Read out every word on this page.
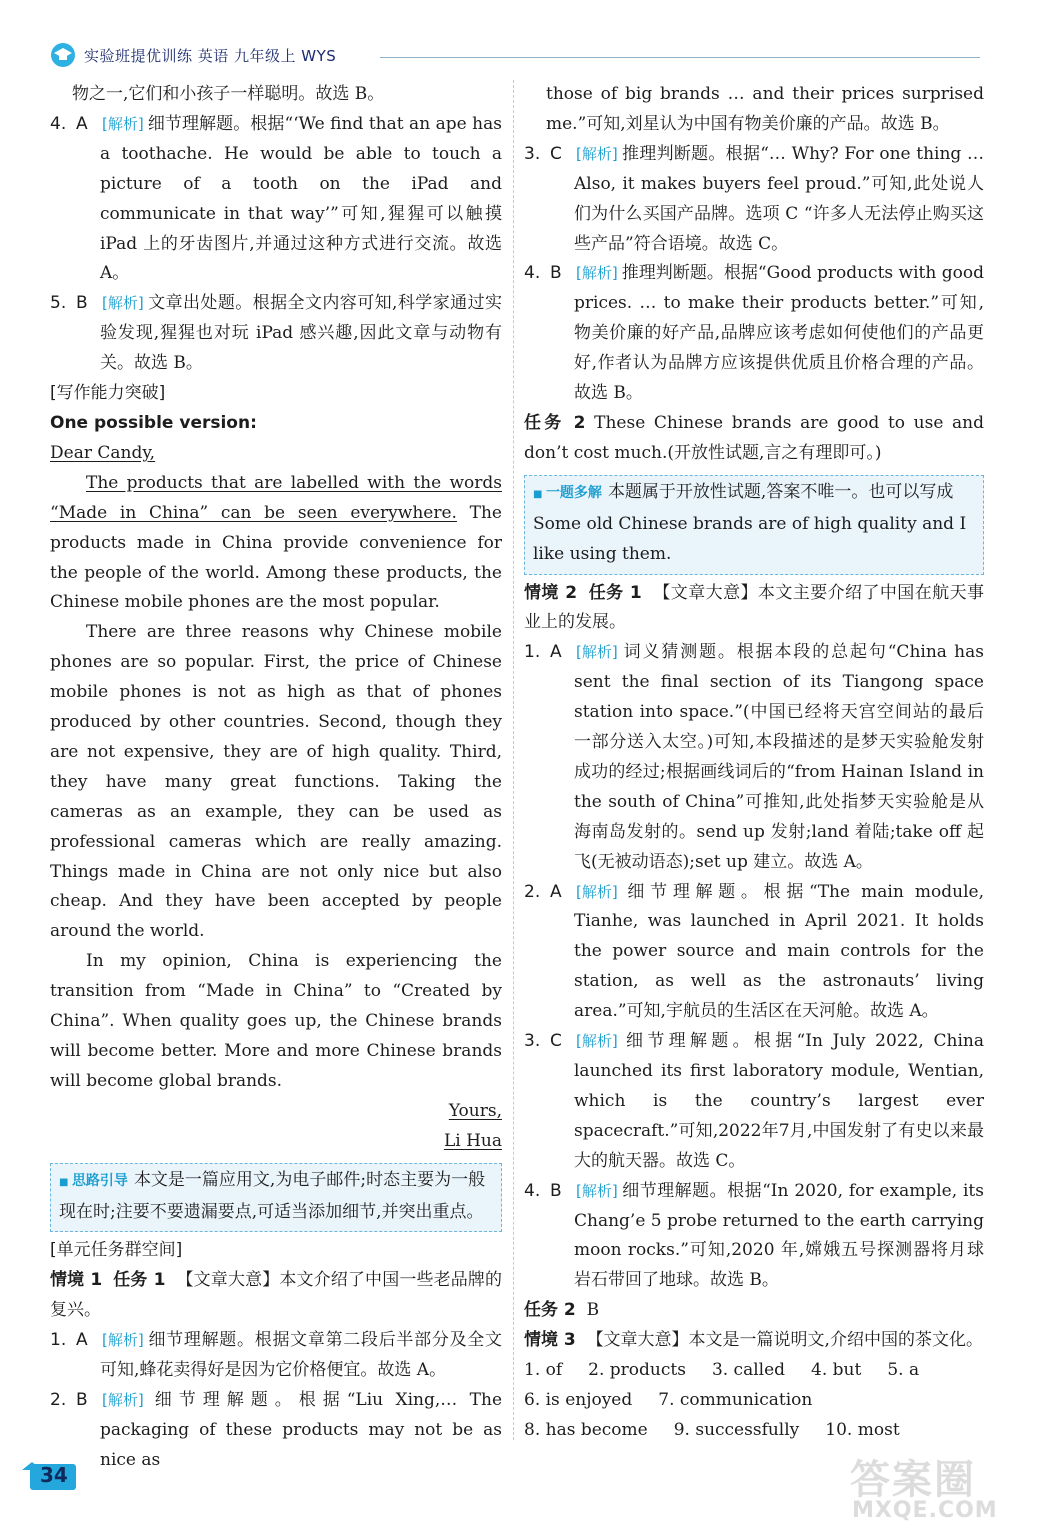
实验班提优训练 英语 九年级上 WYS

物之一,它们和小孩子一样聪明。故选 B。

4. A	[ 解析 ] 细节理解题。根据“‘We find that an ape has a toothache. He would be able to touch a picture of a tooth on the iPad and communicate in that way’”可知,猩猩可以触摸 iPad 上的牙齿图片,并通过这种方式进行交流。故选 A。
5. B	[ 解析 ] 文章出处题。根据全文内容可知,科学家通过实验发现,猩猩也对玩 iPad 感兴趣,因此文章与动物有关。故选 B。

[写作能力突破]

One possible version:

Dear Candy,

The products that are labelled with the words “Made in China” can be seen everywhere. The products made in China provide convenience for the people of the world. Among these products, the Chinese mobile phones are the most popular.

There are three reasons why Chinese mobile phones are so popular. First, the price of Chinese mobile phones is not as high as that of phones produced by other countries. Second, though they are not expensive, they are of high quality. Third, they have many great functions. Taking the cameras as an example, they can be used as professional cameras which are really amazing. Things made in China are not only nice but also cheap. And they have been accepted by people around the world.

In my opinion, China is experiencing the transition from “Made in China” to “Created by China”. When quality goes up, the Chinese brands will become better. More and more Chinese brands will become global brands.

Yours,

Li Hua

■ 思路引导 本文是一篇应用文,为电子邮件;时态主要为一般现在时;注要不要遗漏要点,可适当添加细节,并突出重点。

[单元任务群空间]

情境 1 任务 1 【文章大意】本文介绍了中国一些老品牌的复兴。

1. A	[ 解析 ] 细节理解题。根据文章第二段后半部分及全文可知,蜂花卖得好是因为它价格便宜。故选 A。
2. B	[ 解析 ] 细节理解题。根据“Liu Xing,… The packaging of these products may not be as nice as

those of big brands … and their prices surprised me.”可知,刘星认为中国有物美价廉的产品。故选 B。

3. C	[ 解析 ] 推理判断题。根据“… Why? For one thing … Also, it makes buyers feel proud.”可知,此处说人们为什么买国产品牌。选项 C “许多人无法停止购买这些产品”符合语境。故选 C。
4. B	[ 解析 ] 推理判断题。根据“Good products with good prices. … to make their products better.”可知,物美价廉的好产品,品牌应该考虑如何使他们的产品更好,作者认为品牌方应该提供优质且价格合理的产品。故选 B。

任务 2 These Chinese brands are good to use and don’t cost much.(开放性试题,言之有理即可。)

■ 一题多解 本题属于开放性试题,答案不唯一。也可以写成 Some old Chinese brands are of high quality and I like using them.

情境 2 任务 1 【文章大意】本文主要介绍了中国在航天事业上的发展。

1. A	[ 解析 ] 词义猜测题。根据本段的总起句“China has sent the final section of its Tiangong space station into space.”(中国已经将天宫空间站的最后一部分送入太空。)可知,本段描述的是梦天实验舱发射成功的经过;根据画线词后的“from Hainan Island in the south of China”可推知,此处指梦天实验舱是从海南岛发射的。send up 发射;land 着陆;take off 起飞(无被动语态);set up 建立。故选 A。
2. A	[ 解析 ] 细节理解题。根据“The main module, Tianhe, was launched in April 2021. It holds the power source and main controls for the station, as well as the astronauts’ living area.”可知,宇航员的生活区在天河舱。故选 A。
3. C	[ 解析 ] 细节理解题。根据“In July 2022, China launched its first laboratory module, Wentian, which is the country’s largest ever spacecraft.”可知,2022年7月,中国发射了有史以来最大的航天器。故选 C。
4. B	[ 解析 ] 细节理解题。根据“In 2020, for example, its Chang’e 5 probe returned to the earth carrying moon rocks.”可知,2020 年,嫦娥五号探测器将月球岩石带回了地球。故选 B。

任务 2 B

情境 3 【文章大意】本文是一篇说明文,介绍中国的茶文化。

1. of 2. products 3. called 4. but 5. a
6. is enjoyed 7. communication
8. has become 9. successfully 10. most
34	答案圈
MXQE.COM
